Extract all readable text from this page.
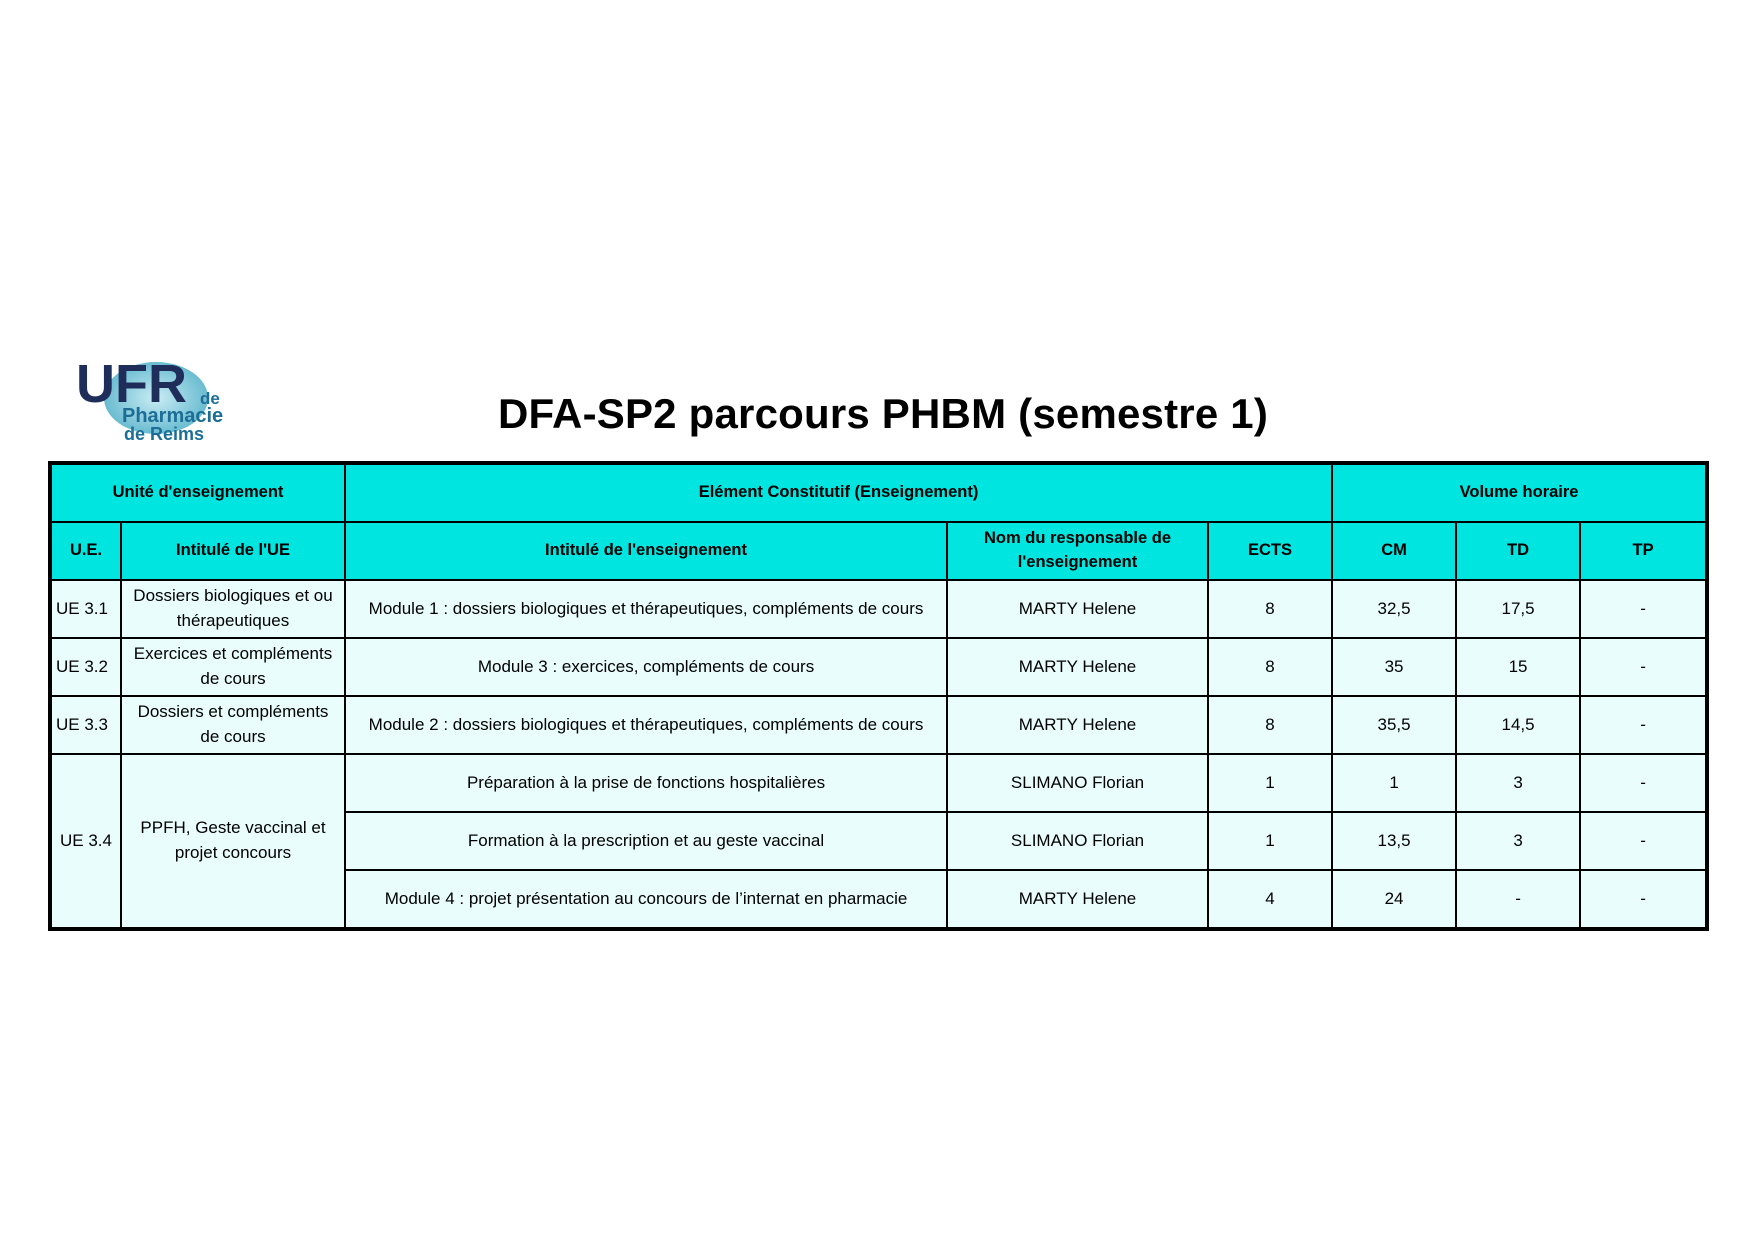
UFR de
Pharmacie
de Reims	DFA-SP2 parcours PHBM (semestre 1)
Unité d'enseignement		Elément Constitutif (Enseignement)			Volume horaire		
U.E.	Intitulé de l'UE	Intitulé de l'enseignement	Nom du responsable de l'enseignement	ECTS	CM	TD	TP
UE 3.1	Dossiers biologiques et ou thérapeutiques	Module 1 : dossiers biologiques et thérapeutiques, compléments de cours	MARTY Helene	8	32,5	17,5	-
UE 3.2	Exercices et compléments de cours	Module 3 : exercices, compléments de cours	MARTY Helene	8	35	15	-
UE 3.3	Dossiers et compléments de cours	Module 2 : dossiers biologiques et thérapeutiques, compléments de cours	MARTY Helene	8	35,5	14,5	-
UE 3.4	PPFH, Geste vaccinal et projet concours	Préparation à la prise de fonctions hospitalières	SLIMANO Florian	1	1	3	-
		Formation à la prescription et au geste vaccinal	SLIMANO Florian	1	13,5	3	-
		Module 4 : projet présentation au concours de l’internat en pharmacie	MARTY Helene	4	24	-	-
